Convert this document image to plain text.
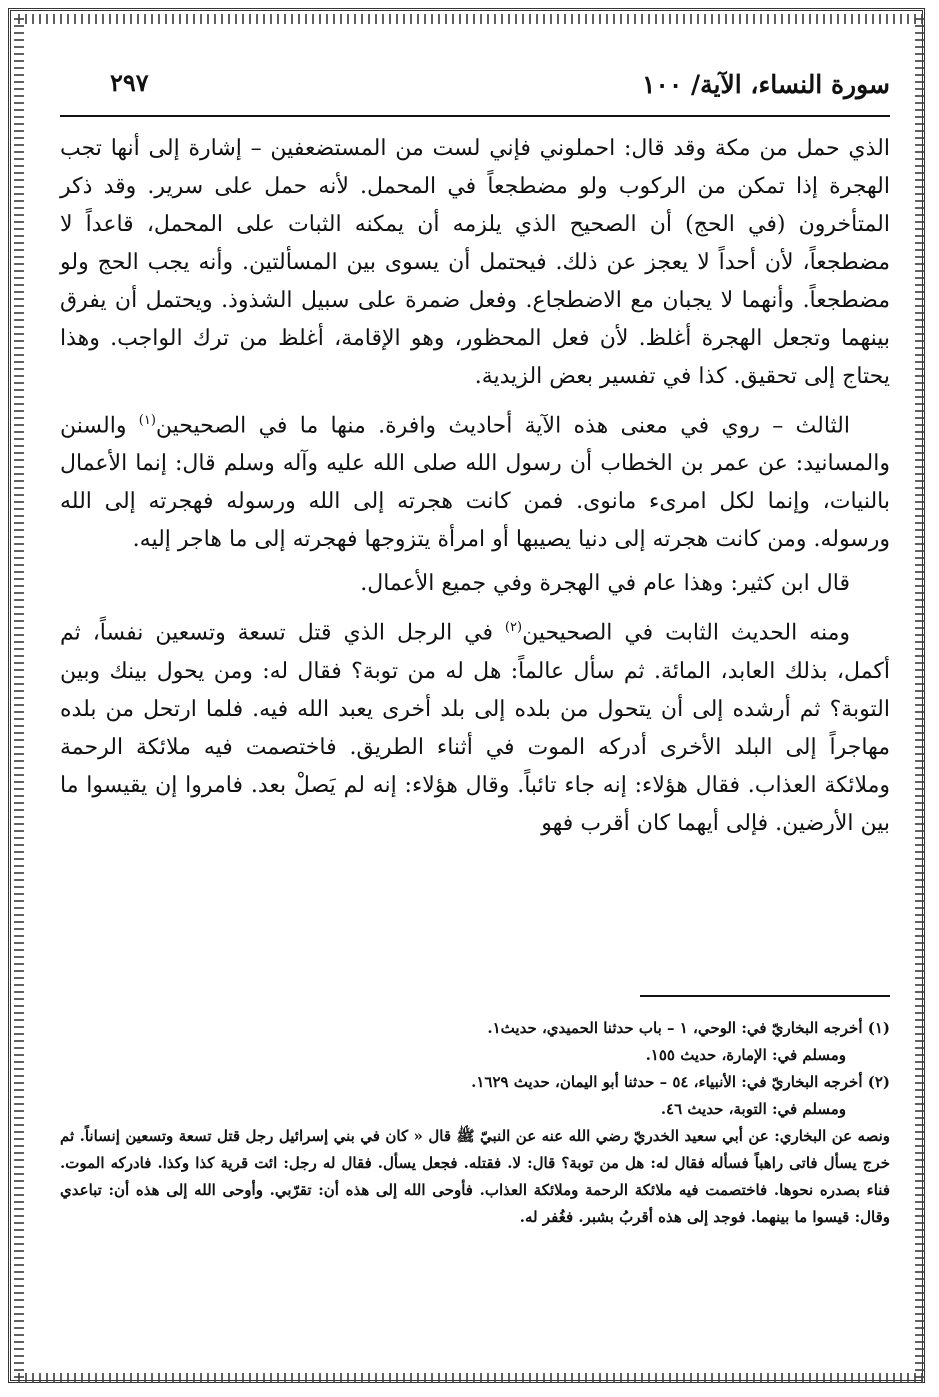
سورة النساء، الآية/ ١٠٠
٢٩٧

الذي حمل من مكة وقد قال: احملوني فإني لست من المستضعفين – إشارة إلى أنها تجب الهجرة إذا تمكن من الركوب ولو مضطجعاً في المحمل. لأنه حمل على سرير. وقد ذكر المتأخرون (في الحج) أن الصحيح الذي يلزمه أن يمكنه الثبات على المحمل، قاعداً لا مضطجعاً، لأن أحداً لا يعجز عن ذلك. فيحتمل أن يسوى بين المسألتين. وأنه يجب الحج ولو مضطجعاً. وأنهما لا يجبان مع الاضطجاع. وفعل ضمرة على سبيل الشذوذ. ويحتمل أن يفرق بينهما وتجعل الهجرة أغلظ. لأن فعل المحظور، وهو الإقامة، أغلظ من ترك الواجب. وهذا يحتاج إلى تحقيق. كذا في تفسير بعض الزيدية.

الثالث – روي في معنى هذه الآية أحاديث وافرة. منها ما في الصحيحين$^{(١)}$ والسنن والمسانيد: عن عمر بن الخطاب أن رسول الله صلى الله عليه وآله وسلم قال: إنما الأعمال بالنيات، وإنما لكل امرىء مانوى. فمن كانت هجرته إلى الله ورسوله فهجرته إلى الله ورسوله. ومن كانت هجرته إلى دنيا يصيبها أو امرأة يتزوجها فهجرته إلى ما هاجر إليه.

قال ابن كثير: وهذا عام في الهجرة وفي جميع الأعمال.

ومنه الحديث الثابت في الصحيحين$^{(٢)}$ في الرجل الذي قتل تسعة وتسعين نفساً، ثم أكمل، بذلك العابد، المائة. ثم سأل عالماً: هل له من توبة؟ فقال له: ومن يحول بينك وبين التوبة؟ ثم أرشده إلى أن يتحول من بلده إلى بلد أخرى يعبد الله فيه. فلما ارتحل من بلده مهاجراً إلى البلد الأخرى أدركه الموت في أثناء الطريق. فاختصمت فيه ملائكة الرحمة وملائكة العذاب. فقال هؤلاء: إنه جاء تائباً. وقال هؤلاء: إنه لم يَصلْ بعد. فامروا إن يقيسوا ما بين الأرضين. فإلى أيهما كان أقرب فهو

(١) أخرجه البخاريّ في: الوحي، ١ – باب حدثنا الحميدي، حديث١.
ومسلم في: الإمارة، حديث ١٥٥.
(٢) أخرجه البخاريّ في: الأنبياء، ٥٤ – حدثنا أبو اليمان، حديث ١٦٢٩.
ومسلم في: التوبة، حديث ٤٦.
ونصه عن البخاري: عن أبي سعيد الخدريّ رضي الله عنه عن النبيّ ﷺ قال « كان في بني إسرائيل رجل قتل تسعة وتسعين إنساناً. ثم خرج يسأل فاتى راهباً فسأله فقال له: هل من توبة؟ قال: لا. فقتله. فجعل يسأل. فقال له رجل: ائت قرية كذا وكذا. فادركه الموت. فناء بصدره نحوها. فاختصمت فيه ملائكة الرحمة وملائكة العذاب. فأوحى الله إلى هذه أن: تقرّبي. وأوحى الله إلى هذه أن: تباعدي وقال: قيسوا ما بينهما. فوجد إلى هذه أقربُ بشبر. فغُفر له.
